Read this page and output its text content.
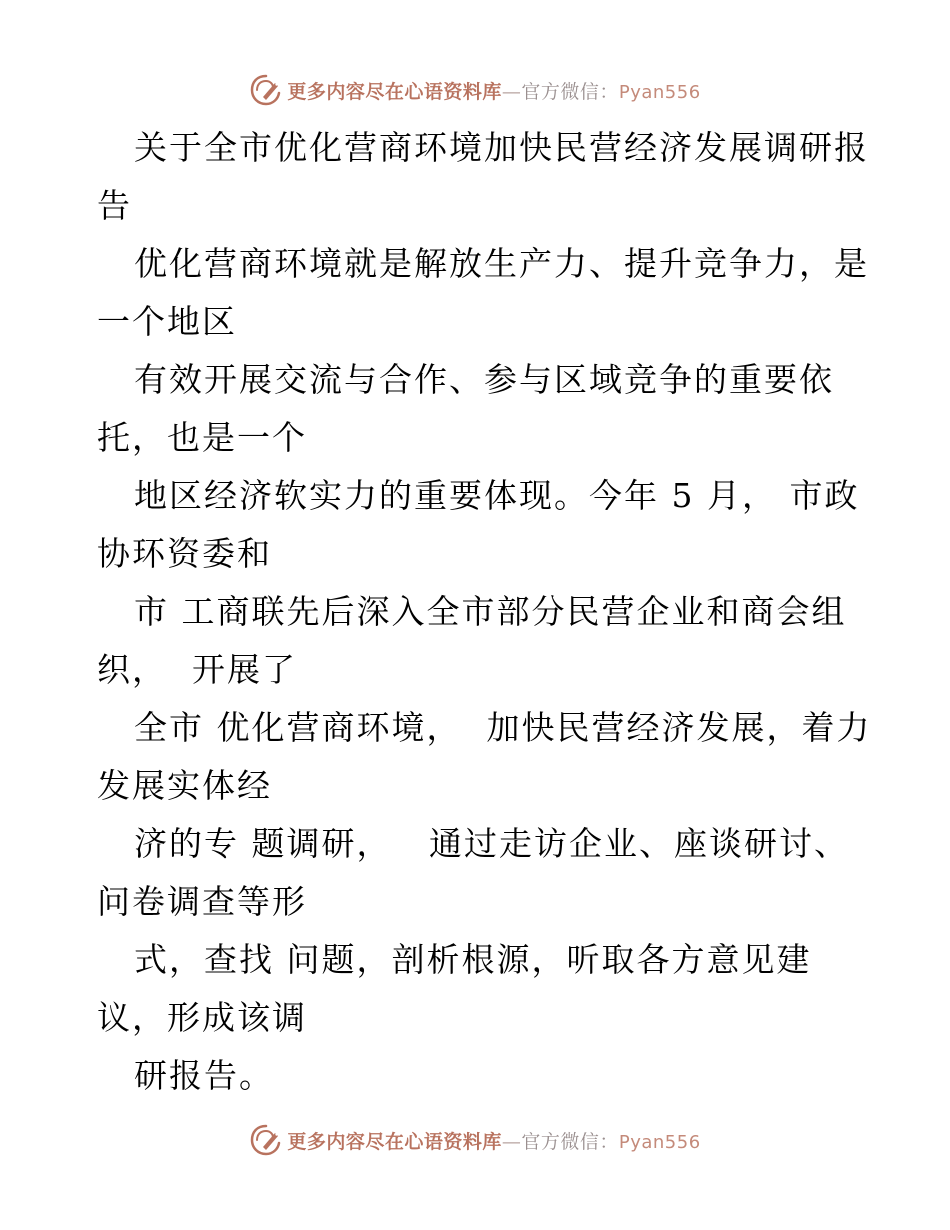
更多内容尽在心语资料库—官方微信：Pyan556
关于全市优化营商环境加快民营经济发展调研报
告
优化营商环境就是解放生产力、提升竞争力，是
一个地区
有效开展交流与合作、参与区域竞争的重要依
托，也是一个
地区经济软实力的重要体现。今年 5 月， 市政
协环资委和
市 工商联先后深入全市部分民营企业和商会组
织，  开展了
全市 优化营商环境，  加快民营经济发展，着力
发展实体经
济的专 题调研，   通过走访企业、座谈研讨、
问卷调查等形
式，查找 问题，剖析根源，听取各方意见建
议，形成该调
研报告。
更多内容尽在心语资料库—官方微信：Pyan556
